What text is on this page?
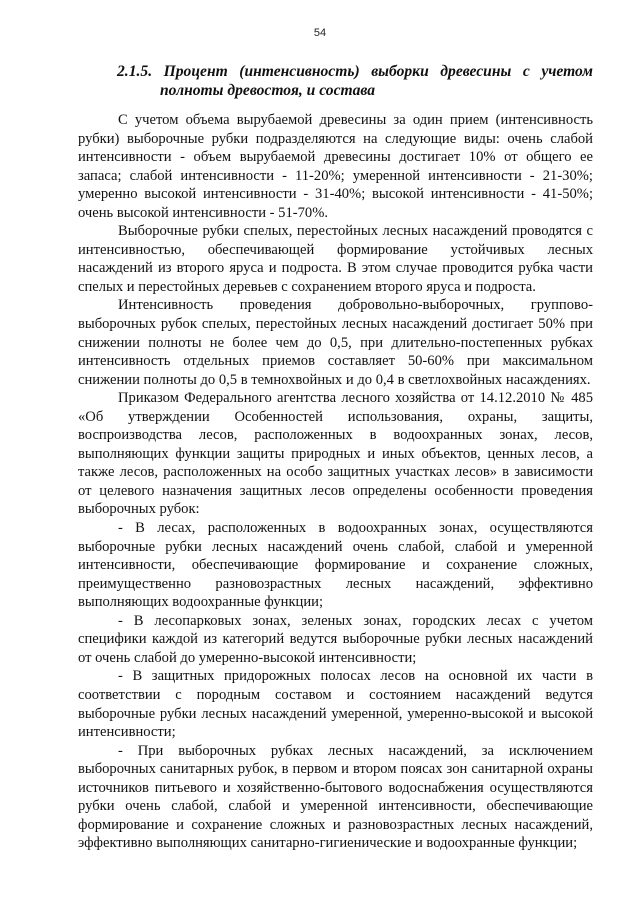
54
2.1.5. Процент (интенсивность) выборки древесины с учетом
полноты древостоя, и состава

С учетом объема вырубаемой древесины за один прием (интенсивность рубки) выборочные рубки подразделяются на следующие виды: очень слабой интенсивности - объем вырубаемой древесины достигает 10% от общего ее запаса; слабой интенсивности - 11-20%; умеренной интенсивности - 21-30%; умеренно высокой интенсивности - 31-40%; высокой интенсивности - 41-50%; очень высокой интенсивности - 51-70%.

Выборочные рубки спелых, перестойных лесных насаждений проводятся с интенсивностью, обеспечивающей формирование устойчивых лесных насаждений из второго яруса и подроста. В этом случае проводится рубка части спелых и перестойных деревьев с сохранением второго яруса и подроста.

Интенсивность проведения добровольно-выборочных, группово-выборочных рубок спелых, перестойных лесных насаждений достигает 50% при снижении полноты не более чем до 0,5, при длительно-постепенных рубках интенсивность отдельных приемов составляет 50-60% при максимальном снижении полноты до 0,5 в темнохвойных и до 0,4 в светлохвойных насаждениях.

Приказом Федерального агентства лесного хозяйства от 14.12.2010 № 485 «Об утверждении Особенностей использования, охраны, защиты, воспроизводства лесов, расположенных в водоохранных зонах, лесов, выполняющих функции защиты природных и иных объектов, ценных лесов, а также лесов, расположенных на особо защитных участках лесов» в зависимости от целевого назначения защитных лесов определены особенности проведения выборочных рубок:

- В лесах, расположенных в водоохранных зонах, осуществляются выборочные рубки лесных насаждений очень слабой, слабой и умеренной интенсивности, обеспечивающие формирование и сохранение сложных, преимущественно разновозрастных лесных насаждений, эффективно выполняющих водоохранные функции;

- В лесопарковых зонах, зеленых зонах, городских лесах с учетом специфики каждой из категорий ведутся выборочные рубки лесных насаждений от очень слабой до умеренно-высокой интенсивности;

- В защитных придорожных полосах лесов на основной их части в соответствии с породным составом и состоянием насаждений ведутся выборочные рубки лесных насаждений умеренной, умеренно-высокой и высокой интенсивности;

- При выборочных рубках лесных насаждений, за исключением выборочных санитарных рубок, в первом и втором поясах зон санитарной охраны источников питьевого и хозяйственно-бытового водоснабжения осуществляются рубки очень слабой, слабой и умеренной интенсивности, обеспечивающие формирование и сохранение сложных и разновозрастных лесных насаждений, эффективно выполняющих санитарно-гигиенические и водоохранные функции;
